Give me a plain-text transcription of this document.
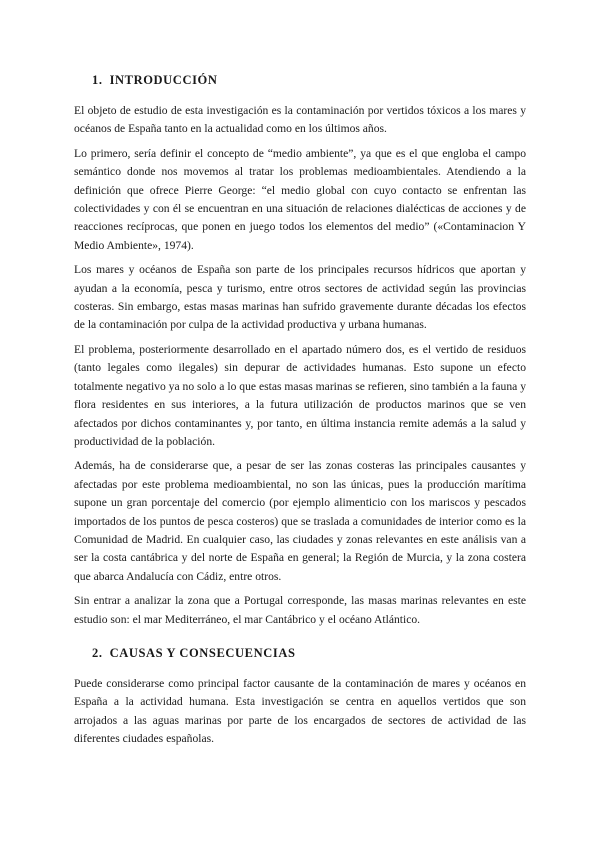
1. INTRODUCCIÓN

El objeto de estudio de esta investigación es la contaminación por vertidos tóxicos a los mares y océanos de España tanto en la actualidad como en los últimos años.

Lo primero, sería definir el concepto de “medio ambiente”, ya que es el que engloba el campo semántico donde nos movemos al tratar los problemas medioambientales. Atendiendo a la definición que ofrece Pierre George: “el medio global con cuyo contacto se enfrentan las colectividades y con él se encuentran en una situación de relaciones dialécticas de acciones y de reacciones recíprocas, que ponen en juego todos los elementos del medio” («Contaminacion Y Medio Ambiente», 1974).

Los mares y océanos de España son parte de los principales recursos hídricos que aportan y ayudan a la economía, pesca y turismo, entre otros sectores de actividad según las provincias costeras. Sin embargo, estas masas marinas han sufrido gravemente durante décadas los efectos de la contaminación por culpa de la actividad productiva y urbana humanas.

El problema, posteriormente desarrollado en el apartado número dos, es el vertido de residuos (tanto legales como ilegales) sin depurar de actividades humanas. Esto supone un efecto totalmente negativo ya no solo a lo que estas masas marinas se refieren, sino también a la fauna y flora residentes en sus interiores, a la futura utilización de productos marinos que se ven afectados por dichos contaminantes y, por tanto, en última instancia remite además a la salud y productividad de la población.

Además, ha de considerarse que, a pesar de ser las zonas costeras las principales causantes y afectadas por este problema medioambiental, no son las únicas, pues la producción marítima supone un gran porcentaje del comercio (por ejemplo alimenticio con los mariscos y pescados importados de los puntos de pesca costeros) que se traslada a comunidades de interior como es la Comunidad de Madrid. En cualquier caso, las ciudades y zonas relevantes en este análisis van a ser la costa cantábrica y del norte de España en general; la Región de Murcia, y la zona costera que abarca Andalucía con Cádiz, entre otros.

Sin entrar a analizar la zona que a Portugal corresponde, las masas marinas relevantes en este estudio son: el mar Mediterráneo, el mar Cantábrico y el océano Atlántico.

2. CAUSAS Y CONSECUENCIAS

Puede considerarse como principal factor causante de la contaminación de mares y océanos en España a la actividad humana. Esta investigación se centra en aquellos vertidos que son arrojados a las aguas marinas por parte de los encargados de sectores de actividad de las diferentes ciudades españolas.
